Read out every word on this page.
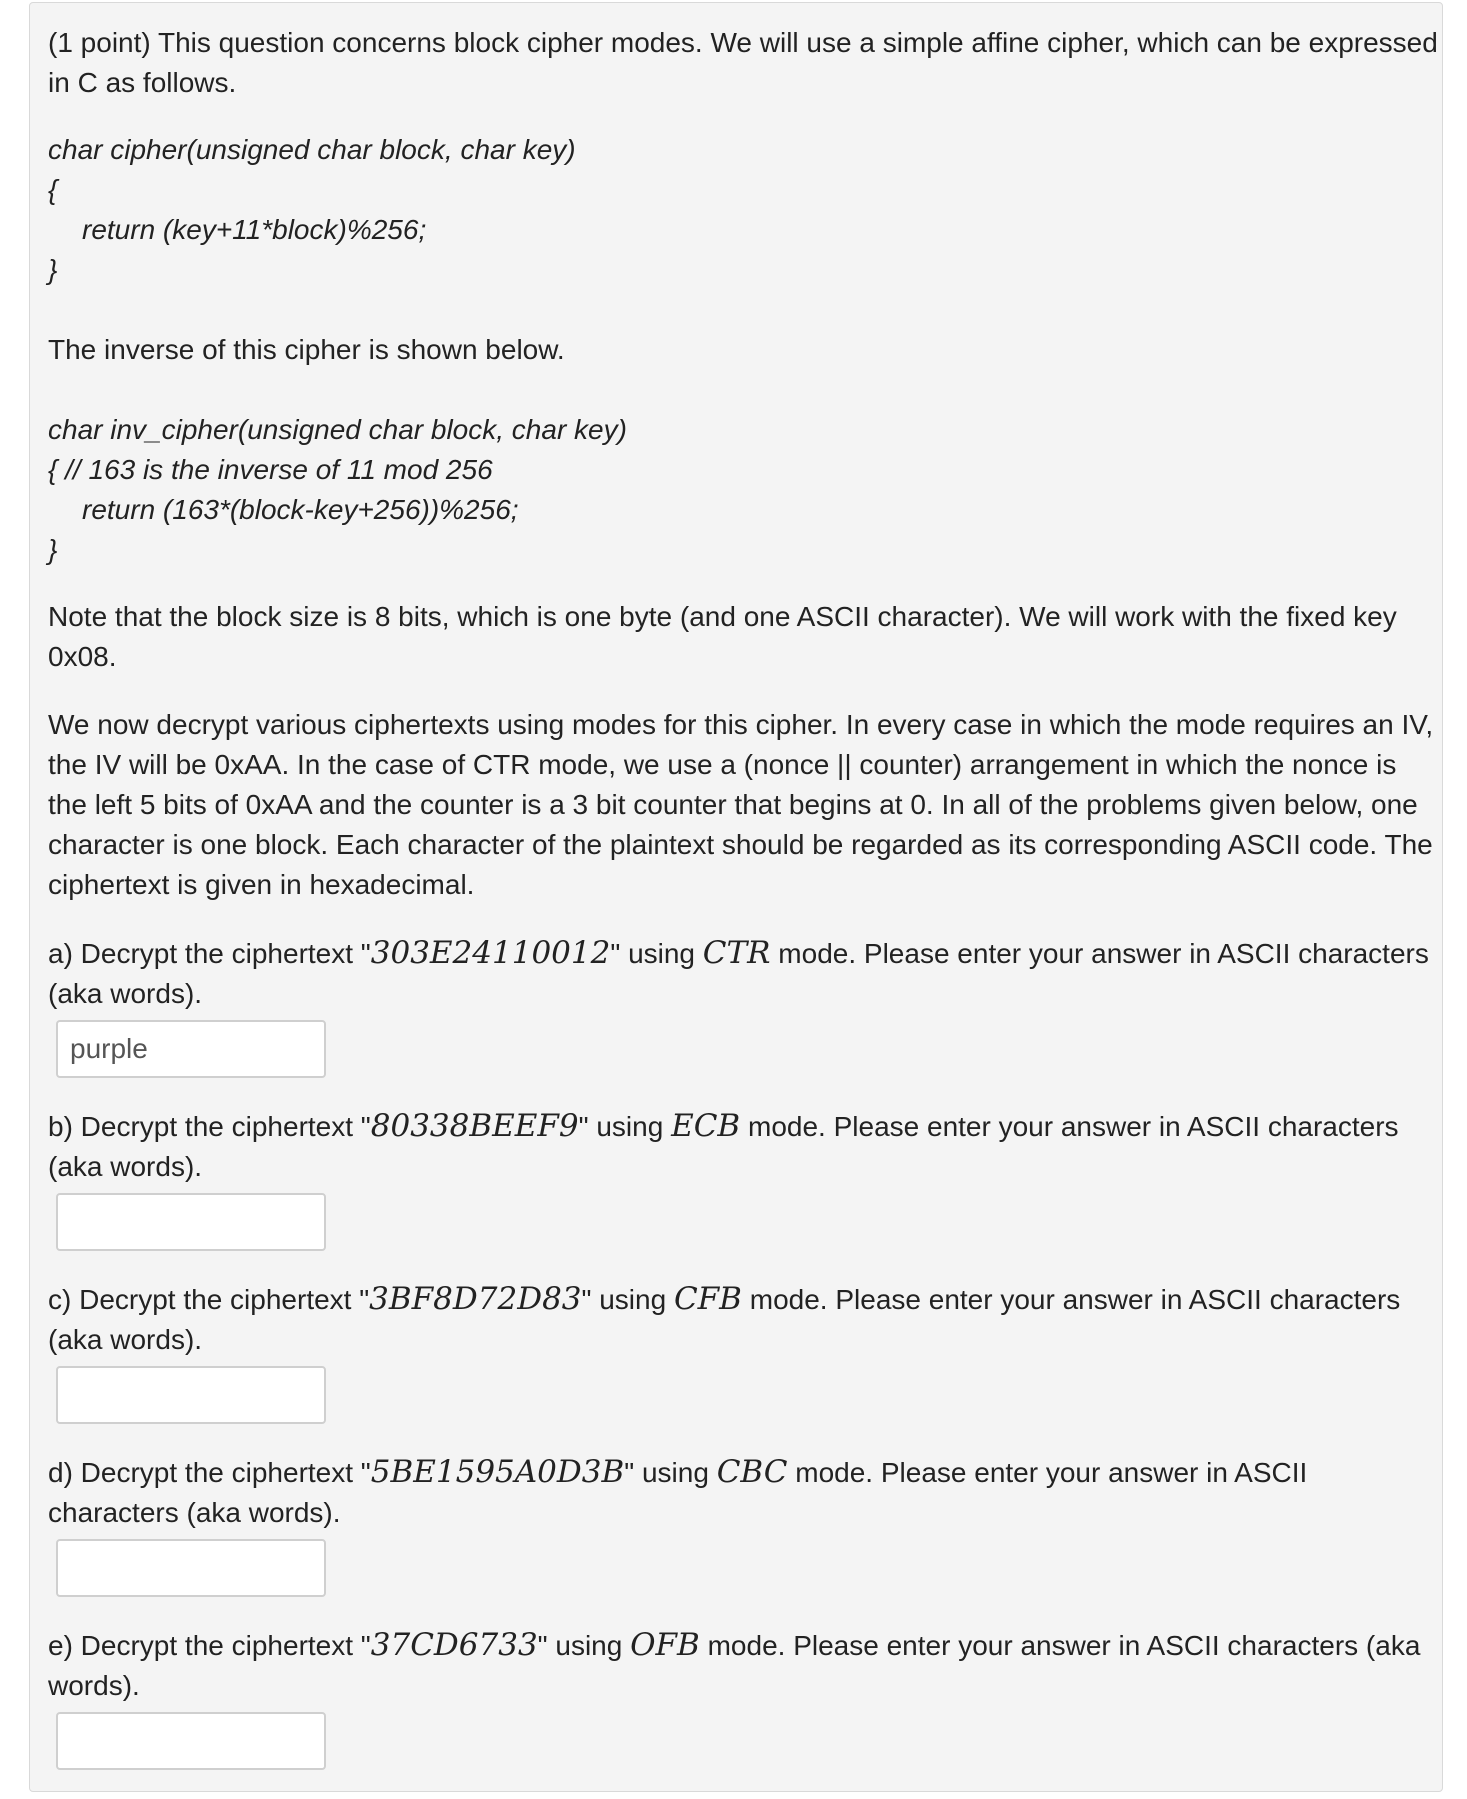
(1 point) This question concerns block cipher modes. We will use a simple affine cipher, which can be expressed in C as follows.

char cipher(unsigned char block, char key)

{

return (key+11*block)%256;

}

The inverse of this cipher is shown below.

char inv_cipher(unsigned char block, char key)

{ // 163 is the inverse of 11 mod 256

return (163*(block-key+256))%256;

}

Note that the block size is 8 bits, which is one byte (and one ASCII character). We will work with the fixed key 0x08.

We now decrypt various ciphertexts using modes for this cipher. In every case in which the mode requires an IV, the IV will be 0xAA. In the case of CTR mode, we use a (nonce || counter) arrangement in which the nonce is the left 5 bits of 0xAA and the counter is a 3 bit counter that begins at 0. In all of the problems given below, one character is one block. Each character of the plaintext should be regarded as its corresponding ASCII code. The ciphertext is given in hexadecimal.

a) Decrypt the ciphertext "303E24110012" using CTR mode. Please enter your answer in ASCII characters (aka words).

purple

b) Decrypt the ciphertext "80338BEEF9" using ECB mode. Please enter your answer in ASCII characters (aka words).

c) Decrypt the ciphertext "3BF8D72D83" using CFB mode. Please enter your answer in ASCII characters (aka words).

d) Decrypt the ciphertext "5BE1595A0D3B" using CBC mode. Please enter your answer in ASCII characters (aka words).

e) Decrypt the ciphertext "37CD6733" using OFB mode. Please enter your answer in ASCII characters (aka words).
